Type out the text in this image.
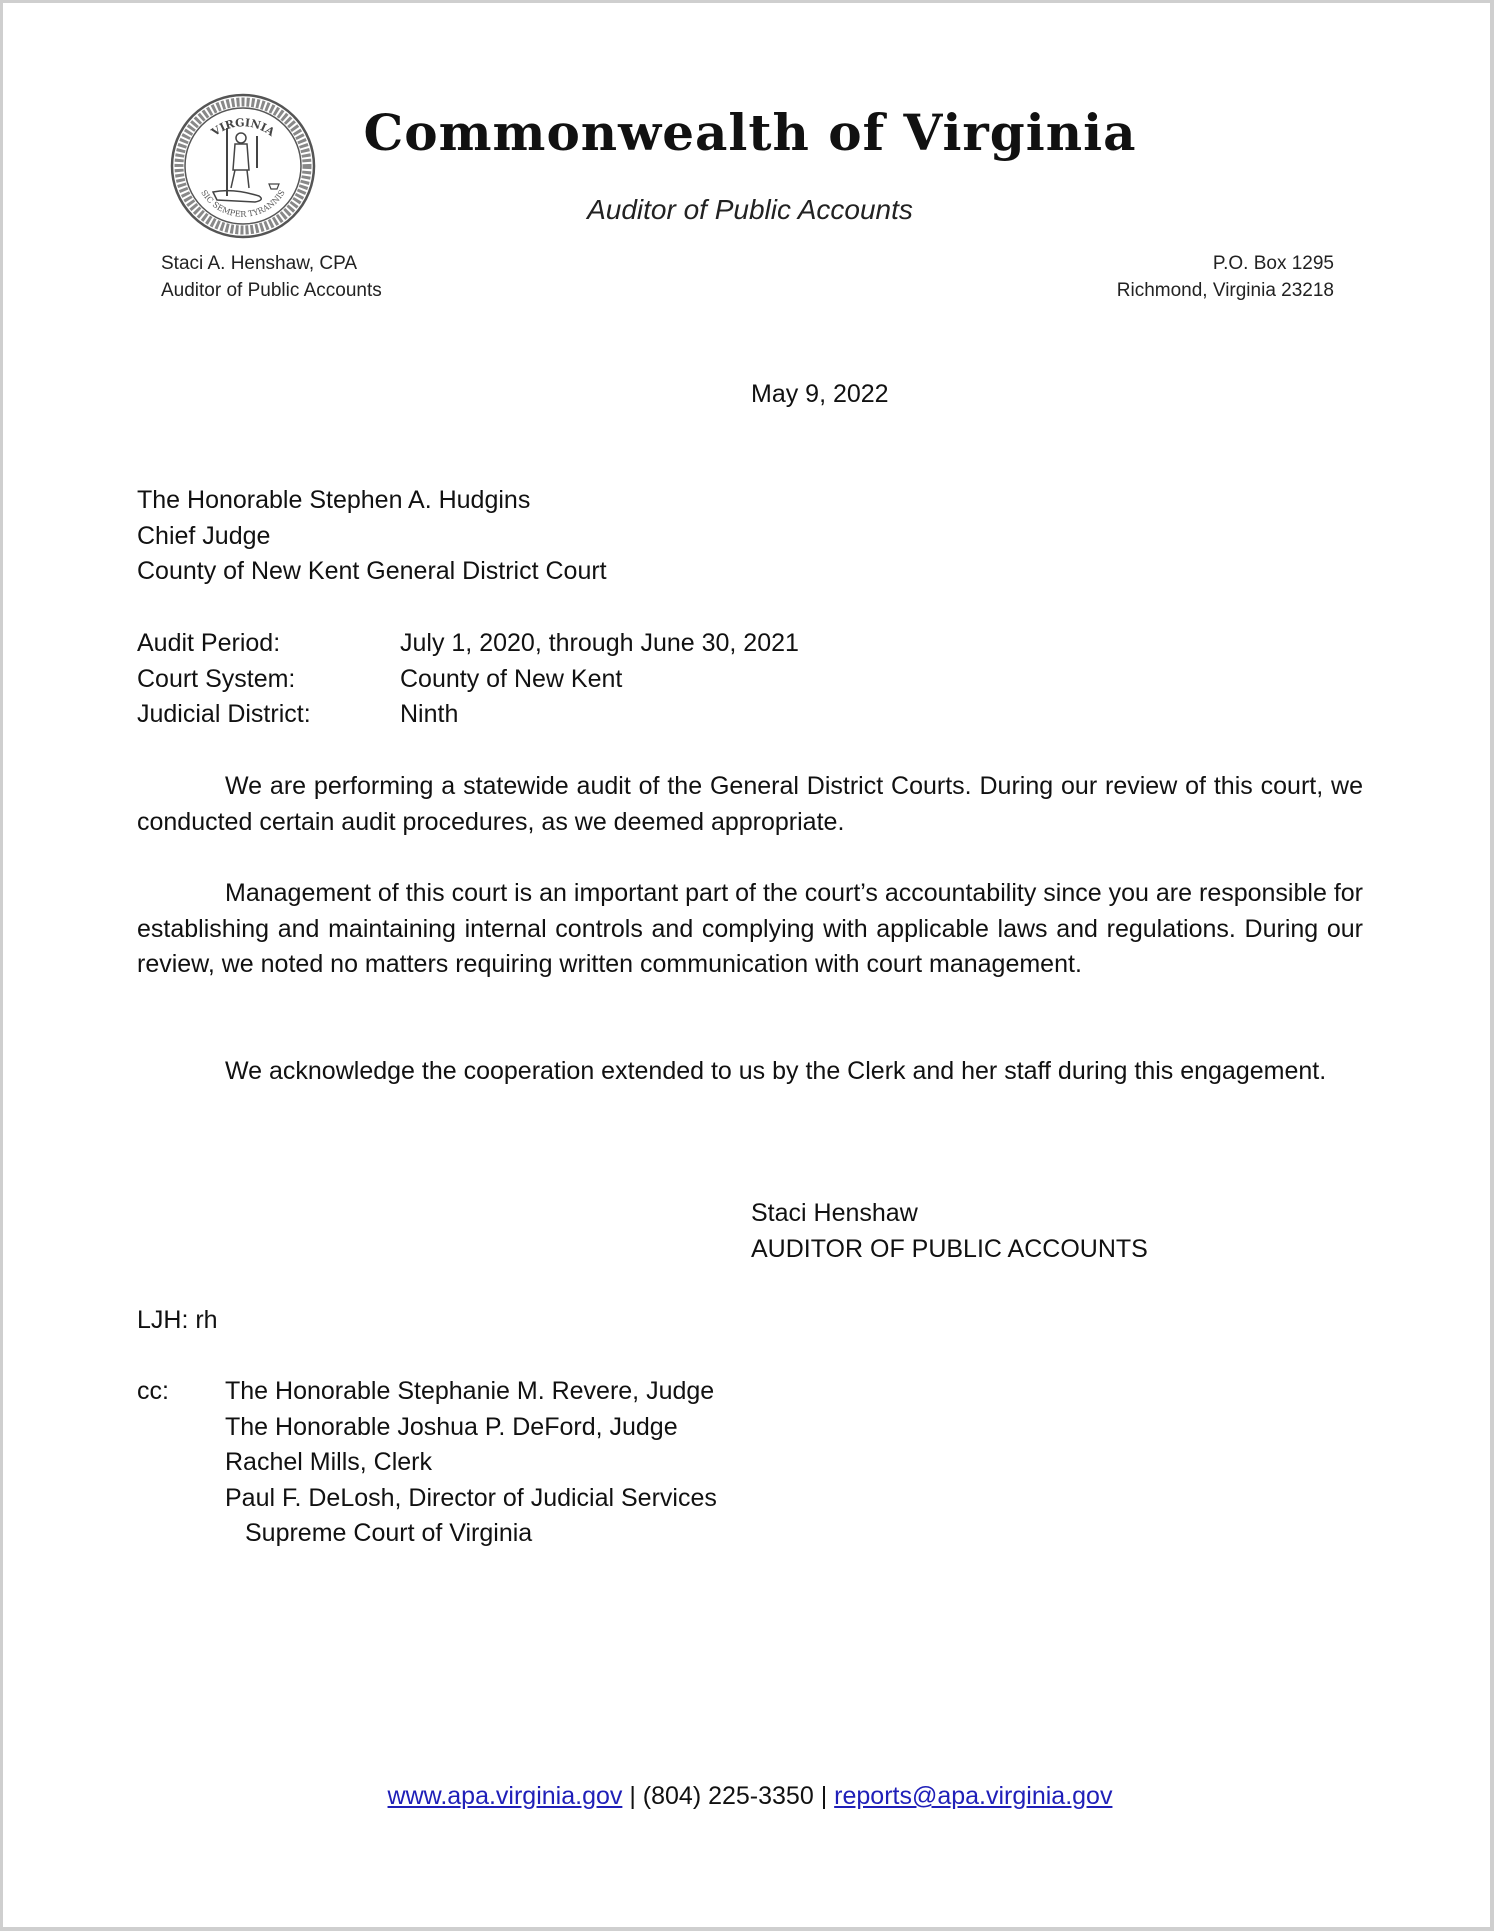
VIRGINIA
SIC SEMPER TYRANNIS
Commonwealth of Virginia
Auditor of Public Accounts
Staci A. Henshaw, CPA
Auditor of Public Accounts
P.O. Box 1295
Richmond, Virginia 23218
May 9, 2022
The Honorable Stephen A. Hudgins
Chief Judge
County of New Kent General District Court
Audit Period:	July 1, 2020, through June 30, 2021
Court System:	County of New Kent
Judicial District:	Ninth

We are performing a statewide audit of the General District Courts. During our review of this court, we conducted certain audit procedures, as we deemed appropriate.

Management of this court is an important part of the court’s accountability since you are responsible for establishing and maintaining internal controls and complying with applicable laws and regulations. During our review, we noted no matters requiring written communication with court management.

We acknowledge the cooperation extended to us by the Clerk and her staff during this engagement.

Staci Henshaw
AUDITOR OF PUBLIC ACCOUNTS
LJH: rh
cc:	The Honorable Stephanie M. Revere, Judge
The Honorable Joshua P. DeFord, Judge
Rachel Mills, Clerk
Paul F. DeLosh, Director of Judicial Services
Supreme Court of Virginia
www.apa.virginia.gov | (804) 225-3350 | reports@apa.virginia.gov
